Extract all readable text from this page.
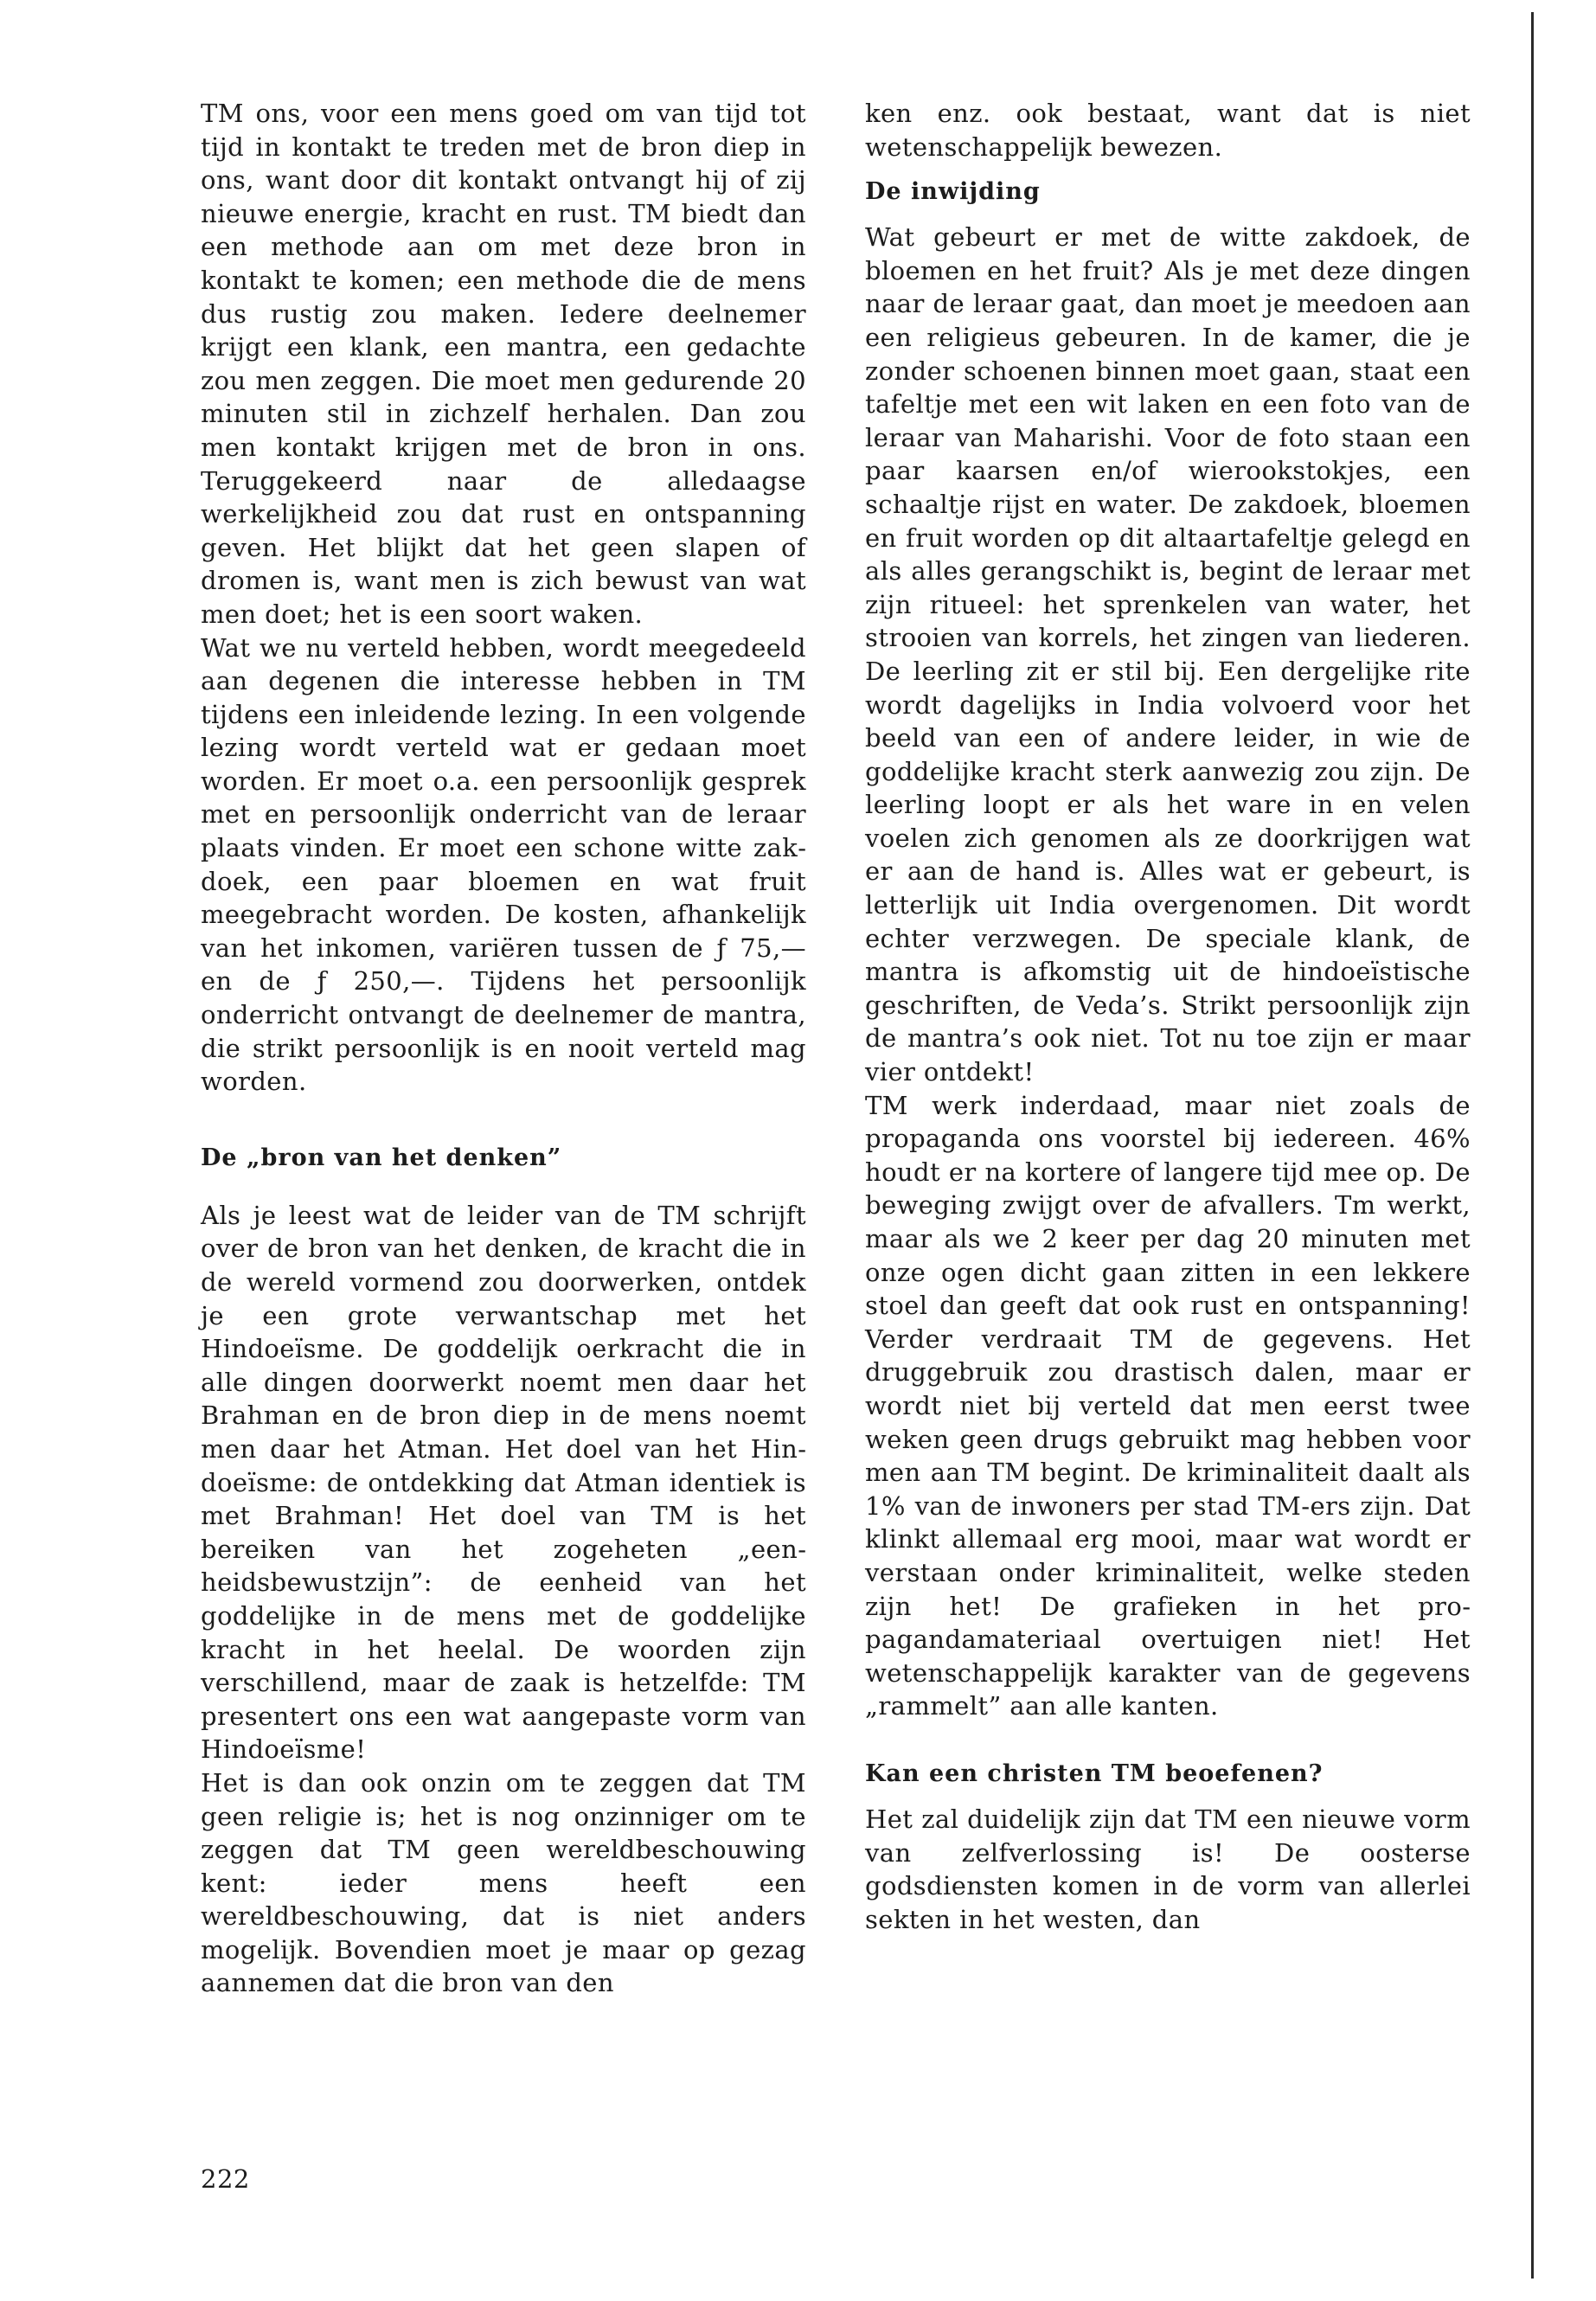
TM ons, voor een mens goed om van tijd tot tijd in kontakt te treden met de bron diep in ons, want door dit kontakt ontvangt hij of zij nieuwe energie, kracht en rust. TM biedt dan een methode aan om met deze bron in kontakt te komen; een methode die de mens dus rustig zou maken. Iedere deelnemer krijgt een klank, een mantra, een gedachte zou men zeggen. Die moet men gedurende 20 minuten stil in zichzelf herhalen. Dan zou men kontakt krijgen met de bron in ons. Teruggekeerd naar de alledaagse werkelijkheid zou dat rust en ontspanning geven. Het blijkt dat het geen slapen of dromen is, want men is zich bewust van wat men doet; het is een soort waken.

Wat we nu verteld hebben, wordt meegedeeld aan degenen die interesse hebben in TM tijdens een inleidende lezing. In een volgende lezing wordt verteld wat er gedaan moet worden. Er moet o.a. een persoonlijk gesprek met en persoonlijk onderricht van de leraar plaats vinden. Er moet een schone witte zakdoek, een paar bloemen en wat fruit meegebracht worden. De kosten, afhankelijk van het inkomen, variëren tussen de ƒ 75,— en de ƒ 250,—. Tijdens het persoonlijk onderricht ontvangt de deelnemer de mantra, die strikt persoonlijk is en nooit verteld mag worden.

De „bron van het denken”

Als je leest wat de leider van de TM schrijft over de bron van het denken, de kracht die in de wereld vormend zou doorwerken, ontdek je een grote verwantschap met het Hindoeïsme. De goddelijk oerkracht die in alle dingen doorwerkt noemt men daar het Brahman en de bron diep in de mens noemt men daar het Atman. Het doel van het Hindoeïsme: de ontdekking dat Atman identiek is met Brahman! Het doel van TM is het bereiken van het zogeheten „eenheidsbewustzijn”: de eenheid van het goddelijke in de mens met de goddelijke kracht in het heelal. De woorden zijn verschillend, maar de zaak is hetzelfde: TM presentert ons een wat aangepaste vorm van Hindoeïsme!

Het is dan ook onzin om te zeggen dat TM geen religie is; het is nog onzinniger om te zeggen dat TM geen wereldbeschouwing kent: ieder mens heeft een wereldbeschouwing, dat is niet anders mogelijk. Bovendien moet je maar op gezag aannemen dat die bron van den

ken enz. ook bestaat, want dat is niet wetenschappelijk bewezen.

De inwijding

Wat gebeurt er met de witte zakdoek, de bloemen en het fruit? Als je met deze dingen naar de leraar gaat, dan moet je meedoen aan een religieus gebeuren. In de kamer, die je zonder schoenen binnen moet gaan, staat een tafeltje met een wit laken en een foto van de leraar van Maharishi. Voor de foto staan een paar kaarsen en/of wierookstokjes, een schaaltje rijst en water. De zakdoek, bloemen en fruit worden op dit altaartafeltje gelegd en als alles gerangschikt is, begint de leraar met zijn ritueel: het sprenkelen van water, het strooien van korrels, het zingen van liederen. De leerling zit er stil bij. Een dergelijke rite wordt dagelijks in India volvoerd voor het beeld van een of andere leider, in wie de goddelijke kracht sterk aanwezig zou zijn. De leerling loopt er als het ware in en velen voelen zich genomen als ze doorkrijgen wat er aan de hand is. Alles wat er gebeurt, is letterlijk uit India overgenomen. Dit wordt echter verzwegen. De speciale klank, de mantra is afkomstig uit de hindoeïstische geschriften, de Veda’s. Strikt persoonlijk zijn de mantra’s ook niet. Tot nu toe zijn er maar vier ontdekt!

TM werk inderdaad, maar niet zoals de propaganda ons voorstel bij iedereen. 46% houdt er na kortere of langere tijd mee op. De beweging zwijgt over de afvallers. Tm werkt, maar als we 2 keer per dag 20 minuten met onze ogen dicht gaan zitten in een lekkere stoel dan geeft dat ook rust en ontspanning! Verder verdraait TM de gegevens. Het druggebruik zou drastisch dalen, maar er wordt niet bij verteld dat men eerst twee weken geen drugs gebruikt mag hebben voor men aan TM begint. De kriminaliteit daalt als 1% van de inwoners per stad TM-ers zijn. Dat klinkt allemaal erg mooi, maar wat wordt er verstaan onder kriminaliteit, welke steden zijn het! De grafieken in het propagandamateriaal overtuigen niet! Het wetenschappelijk karakter van de gegevens „rammelt” aan alle kanten.

Kan een christen TM beoefenen?

Het zal duidelijk zijn dat TM een nieuwe vorm van zelfverlossing is! De oosterse godsdiensten komen in de vorm van allerlei sekten in het westen, dan

222
